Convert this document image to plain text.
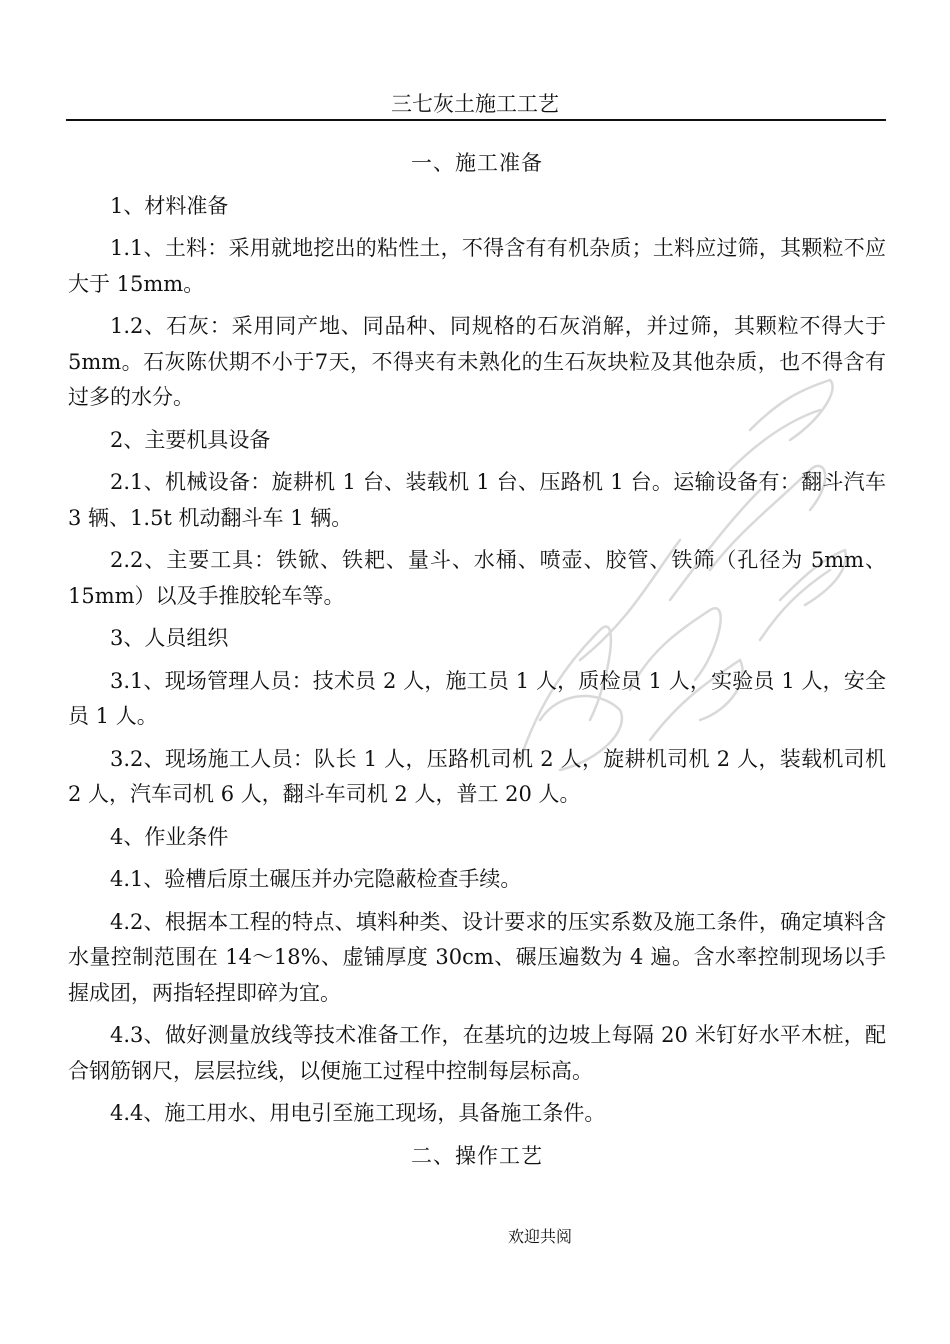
三七灰土施工工艺
一、施工准备

1、材料准备

1.1、土料：采用就地挖出的粘性土，不得含有有机杂质；土料应过筛，其颗粒不应大于 15mm。

1.2、石灰：采用同产地、同品种、同规格的石灰消解，并过筛，其颗粒不得大于 5mm。石灰陈伏期不小于7天，不得夹有未熟化的生石灰块粒及其他杂质，也不得含有过多的水分。

2、主要机具设备

2.1、机械设备：旋耕机 1 台、装载机 1 台、压路机 1 台。运输设备有：翻斗汽车 3 辆、1.5t 机动翻斗车 1 辆。

2.2、主要工具：铁锨、铁耙、量斗、水桶、喷壶、胶管、铁筛（孔径为 5mm、15mm）以及手推胶轮车等。

3、人员组织

3.1、现场管理人员：技术员 2 人，施工员 1 人，质检员 1 人，实验员 1 人，安全员 1 人。

3.2、现场施工人员：队长 1 人，压路机司机 2 人，旋耕机司机 2 人，装载机司机 2 人，汽车司机 6 人，翻斗车司机 2 人，普工 20 人。

4、作业条件

4.1、验槽后原土碾压并办完隐蔽检查手续。

4.2、根据本工程的特点、填料种类、设计要求的压实系数及施工条件，确定填料含水量控制范围在 14～18%、虚铺厚度 30cm、碾压遍数为 4 遍。含水率控制现场以手握成团，两指轻捏即碎为宜。

4.3、做好测量放线等技术准备工作，在基坑的边坡上每隔 20 米钉好水平木桩，配合钢筋钢尺，层层拉线，以便施工过程中控制每层标高。

4.4、施工用水、用电引至施工现场，具备施工条件。

二、操作工艺
欢迎共阅
